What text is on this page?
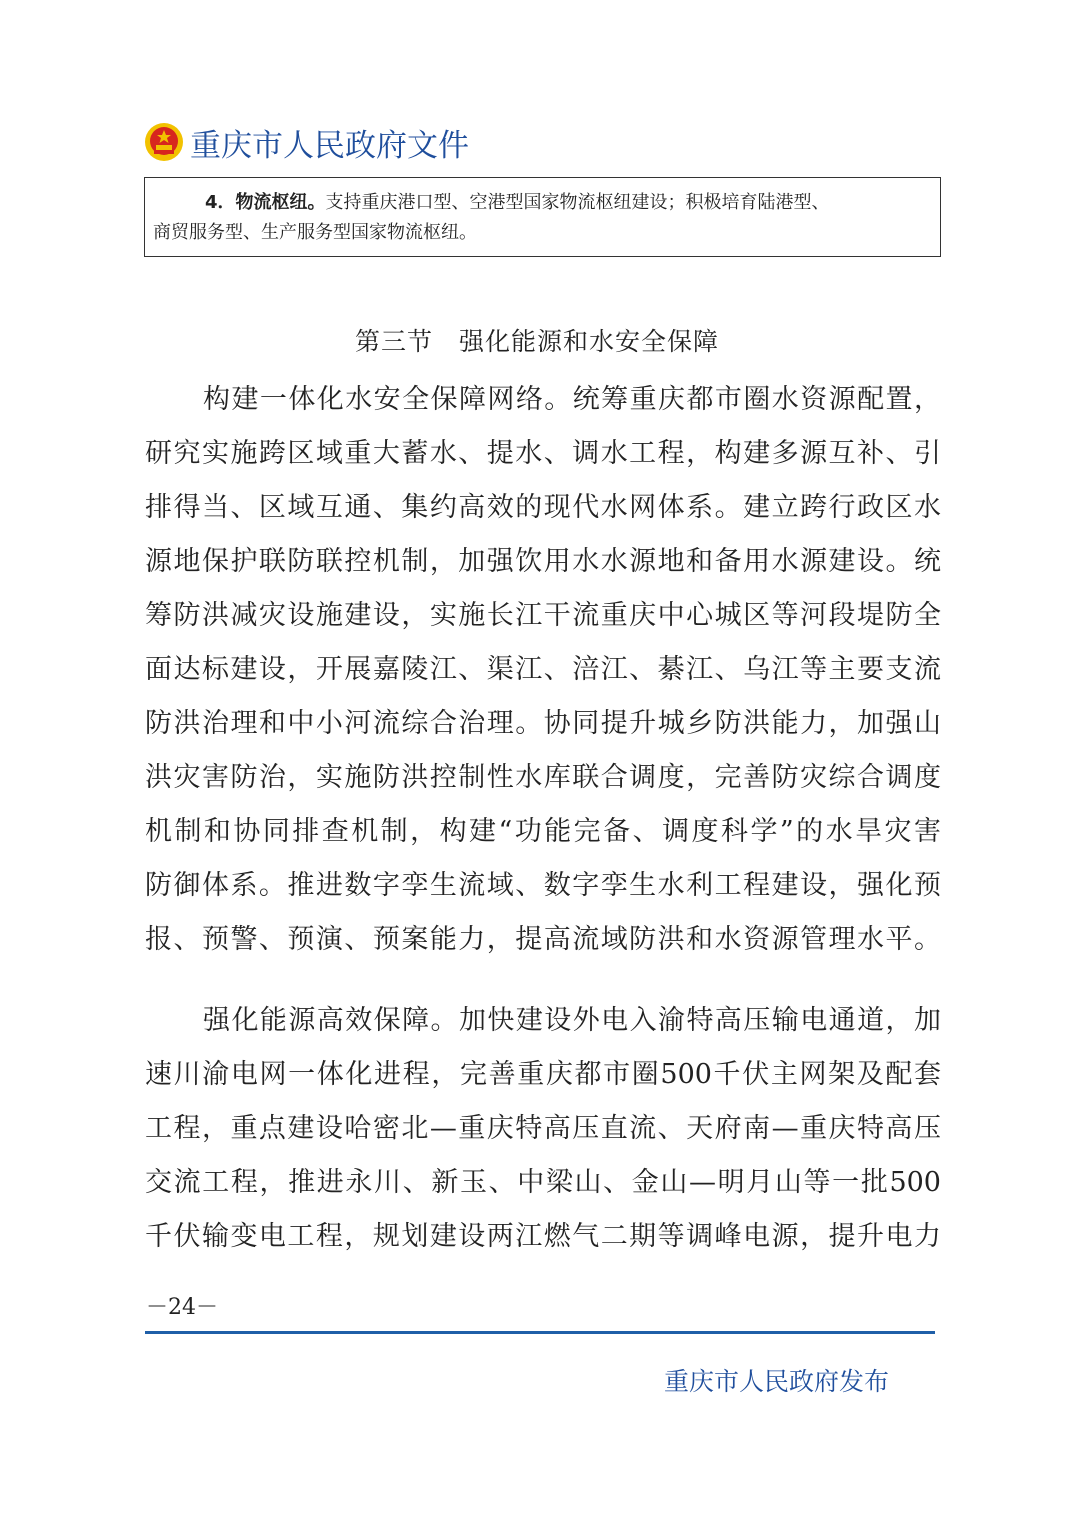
重庆市人民政府文件

4．物流枢纽。支持重庆港口型、空港型国家物流枢纽建设；积极培育陆港型、

商贸服务型、生产服务型国家物流枢纽。

第三节　强化能源和水安全保障
构建一体化水安全保障网络。统筹重庆都市圈水资源配置，
研究实施跨区域重大蓄水、提水、调水工程，构建多源互补、引
排得当、区域互通、集约高效的现代水网体系。建立跨行政区水
源地保护联防联控机制，加强饮用水水源地和备用水源建设。统
筹防洪减灾设施建设，实施长江干流重庆中心城区等河段堤防全
面达标建设，开展嘉陵江、渠江、涪江、綦江、乌江等主要支流
防洪治理和中小河流综合治理。协同提升城乡防洪能力，加强山
洪灾害防治，实施防洪控制性水库联合调度，完善防灾综合调度
机制和协同排查机制，构建“功能完备、调度科学”的水旱灾害
防御体系。推进数字孪生流域、数字孪生水利工程建设，强化预
报、预警、预演、预案能力，提高流域防洪和水资源管理水平。
强化能源高效保障。加快建设外电入渝特高压输电通道，加
速川渝电网一体化进程，完善重庆都市圈500千伏主网架及配套
工程，重点建设哈密北—重庆特高压直流、天府南—重庆特高压
交流工程，推进永川、新玉、中梁山、金山—明月山等一批500
千伏输变电工程，规划建设两江燃气二期等调峰电源，提升电力
－24－
重庆市人民政府发布
